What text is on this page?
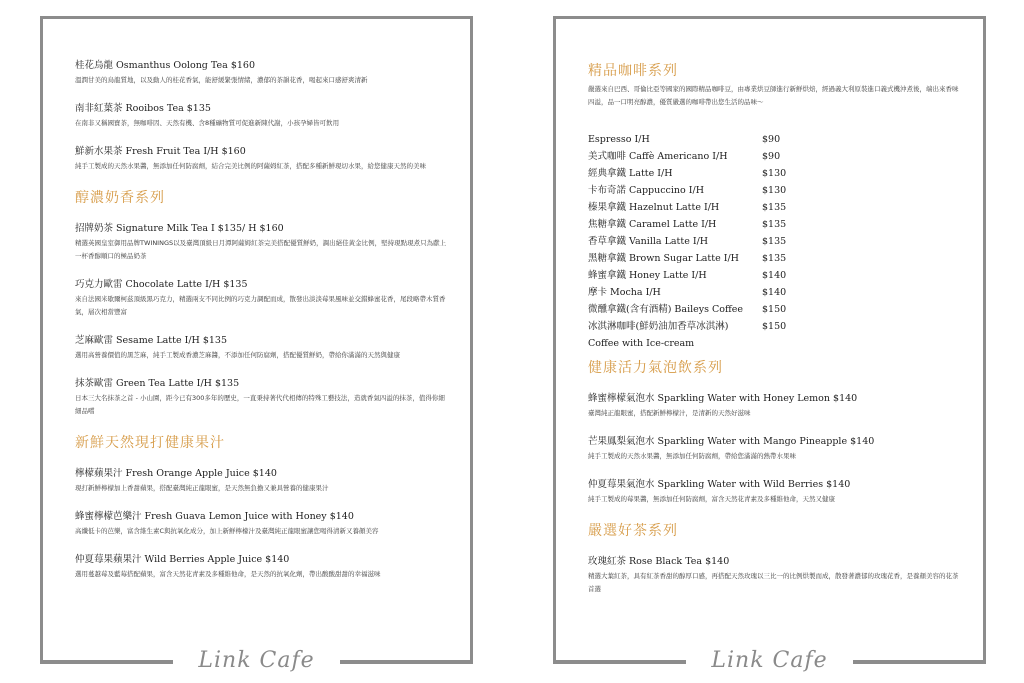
桂花烏龍 Osmanthus Oolong Tea $160
溫潤甘美的烏龍質地，以及動人的桂花香氣，能舒緩緊張情緒，濃郁的茶韻花香，喝起來口感舒爽清新
南非紅葉茶 Rooibos Tea $135
在南非又稱國寶茶，無咖啡因、天然有機、含8種礦物質可促進新陳代謝，小孩孕婦皆可飲用
鮮新水果茶 Fresh Fruit Tea I/H $160
純手工製成的天然水果醬，無添加任何防腐劑，結合完美比例的阿薩姆紅茶，搭配多種新鮮現切水果，給您健康天然的美味
醇濃奶香系列
招牌奶茶 Signature Milk Tea I $135/ H $160
精選英國皇室御用品牌TWININGS以及臺灣頂級日月潭阿薩姆紅茶完美搭配優質鮮奶，調出絕佳黃金比例，堅持現點現煮只為獻上一杯香醇順口的極品奶茶
巧克力歐雷 Chocolate Latte I/H $135
來自法國米歇爾柯茲頂級黑巧克力，精選兩支不同比例的巧克力調配而成，散發出淡淡莓果風味並交錯蜂蜜花香，尾段略帶木質香氣，層次相當豐富
芝麻歐雷 Sesame Latte I/H $135
選用高營養價值的黑芝麻，純手工製成香濃芝麻醬，不添加任何防腐劑，搭配優質鮮奶，帶給你滿滿的天然與健康
抹茶歐雷 Green Tea Latte I/H $135
日本三大名抹茶之首 - 小山園，距今已有300多年的歷史，一直秉持著代代相傳的特殊工藝技法，造就香氣四溢的抹茶，值得你細細品嚐
新鮮天然現打健康果汁
檸檬蘋果汁 Fresh Orange Apple Juice $140
現打新鮮檸檬加上香甜蘋果，搭配臺灣純正龍眼蜜，是天然無負擔又兼具營養的健康果汁
蜂蜜檸檬芭樂汁 Fresh Guava Lemon Juice with Honey $140
高纖低卡的芭樂，富含維生素C與抗氧化成分，加上新鮮檸檬汁及臺灣純正龍眼蜜讓您喝得清新又養顏美容
仲夏莓果蘋果汁 Wild Berries Apple Juice $140
選用蔓越莓及藍莓搭配蘋果，富含天然花青素及多種維他命，是天然的抗氧化劑，帶出酸酸甜甜的幸福滋味
Link Cafe
精品咖啡系列
嚴選來自巴西、哥倫比亞等國家的國際精品咖啡豆，由專業烘豆師進行新鮮烘焙，經過義大利原裝進口義式機沖煮後，端出來香味四溢，品一口明亮醇濃，優質嚴選的咖啡帶出您生活的品味～
Espresso I/H	$90
美式咖啡 Caffè Americano I/H	$90
經典拿鐵 Latte I/H	$130
卡布奇諾 Cappuccino I/H	$130
榛果拿鐵 Hazelnut Latte I/H	$135
焦糖拿鐵 Caramel Latte I/H	$135
香草拿鐵 Vanilla Latte I/H	$135
黑糖拿鐵 Brown Sugar Latte I/H	$135
蜂蜜拿鐵 Honey Latte I/H	$140
摩卡 Mocha I/H	$140
微醺拿鐵(含有酒精) Baileys Coffee	$150
冰淇淋咖啡(鮮奶油加香草冰淇淋)	$150
Coffee with Ice-cream
健康活力氣泡飲系列
蜂蜜檸檬氣泡水 Sparkling Water with Honey Lemon $140
臺灣純正龍眼蜜，搭配新鮮檸檬汁，是清新的天然好滋味
芒果鳳梨氣泡水 Sparkling Water with Mango Pineapple $140
純手工製成的天然水果醬，無添加任何防腐劑，帶給您滿滿的熱帶水果味
仲夏莓果氣泡水 Sparkling Water with Wild Berries $140
純手工製成的莓果醬，無添加任何防腐劑，富含天然花青素及多種維他命，天然又健康
嚴選好茶系列
玫瑰紅茶 Rose Black Tea $140
精選大葉紅茶，具有紅茶香甜的醇厚口感，再搭配天然玫瑰以三比一的比例烘製而成，散發著濃郁的玫瑰花香，是養顏美容的花茶首選
Link Cafe
